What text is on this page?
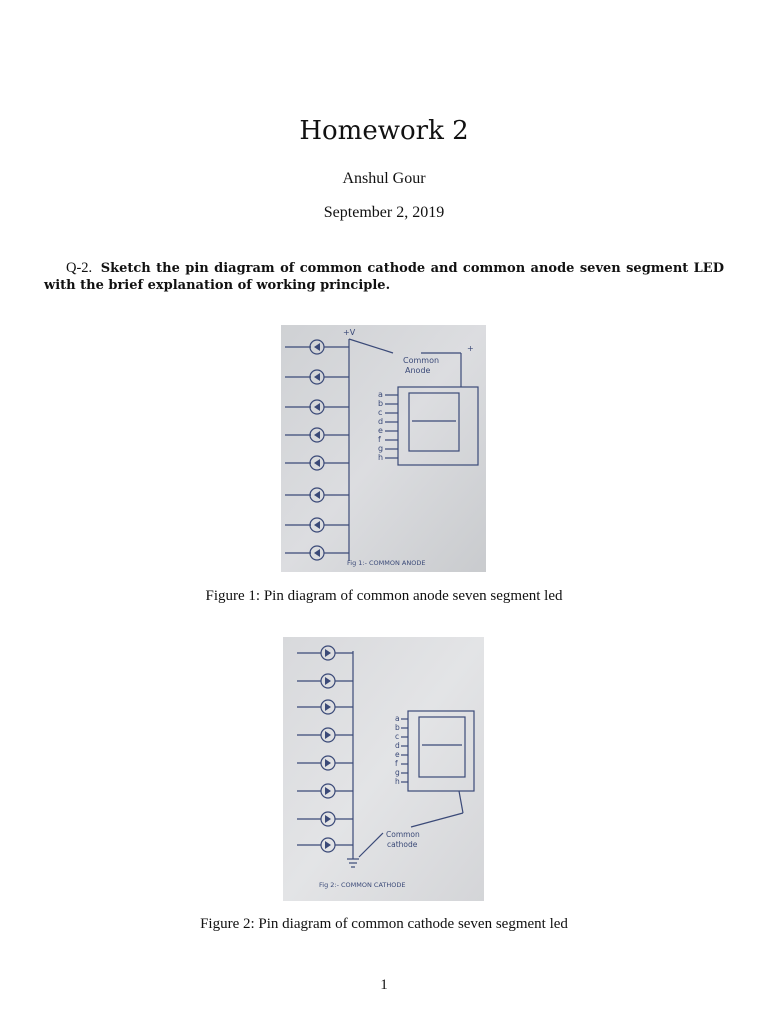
Homework 2
Anshul Gour
September 2, 2019
Q-2. Sketch the pin diagram of common cathode and common anode seven segment LED with the brief explanation of working principle.
+V
+
Common
Anode
a
b
c
d
e
f
g
h
Fig 1:- COMMON ANODE
Figure 1: Pin diagram of common anode seven segment led
a
b
c
d
e
f
g
h
Common
cathode
Fig 2:- COMMON CATHODE
Figure 2: Pin diagram of common cathode seven segment led
1
